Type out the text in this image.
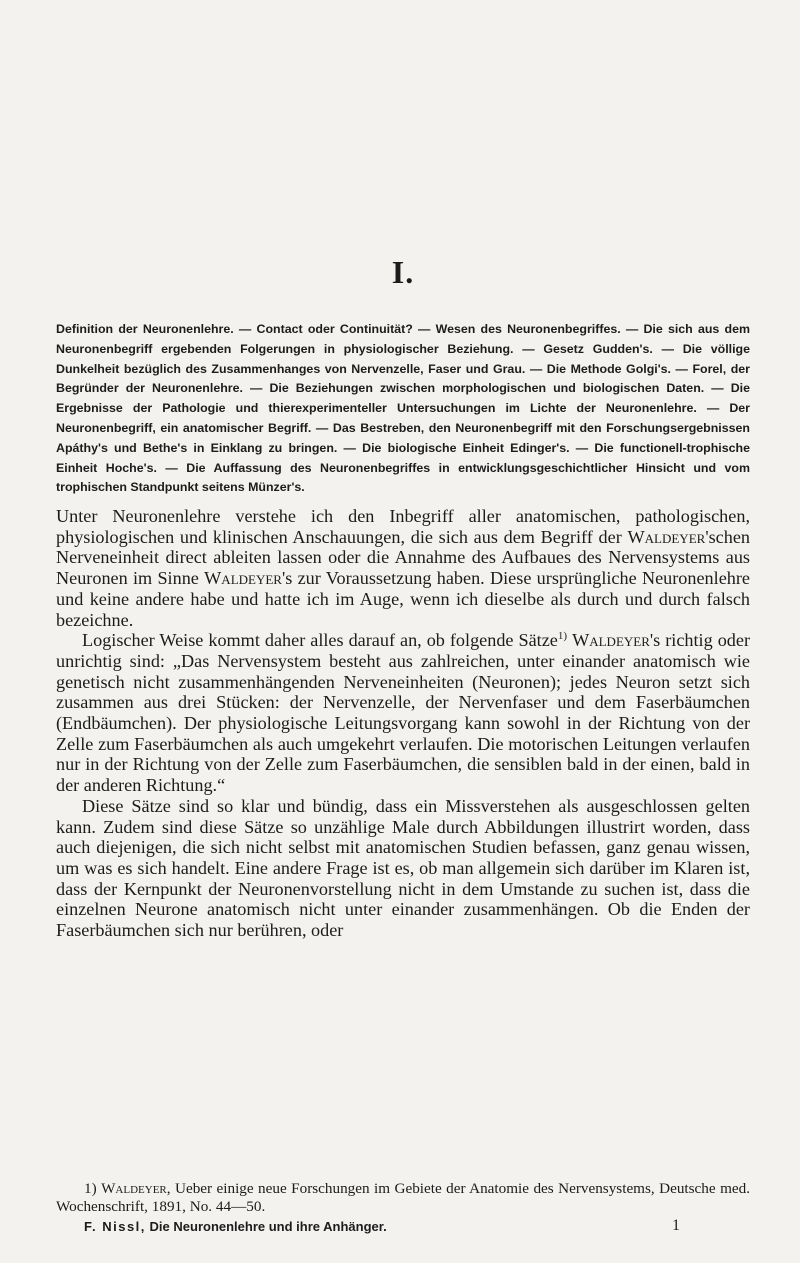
I.
Definition der Neuronenlehre. — Contact oder Continuität? — Wesen des Neuronenbegriffes. — Die sich aus dem Neuronenbegriff ergebenden Folgerungen in physiologischer Beziehung. — Gesetz Gudden's. — Die völlige Dunkelheit bezüglich des Zusammenhanges von Nervenzelle, Faser und Grau. — Die Methode Golgi's. — Forel, der Begründer der Neuronenlehre. — Die Beziehungen zwischen morphologischen und biologischen Daten. — Die Ergebnisse der Pathologie und thierexperimenteller Untersuchungen im Lichte der Neuronenlehre. — Der Neuronenbegriff, ein anatomischer Begriff. — Das Bestreben, den Neuronenbegriff mit den Forschungsergebnissen Apáthy's und Bethe's in Einklang zu bringen. — Die biologische Einheit Edinger's. — Die functionell-trophische Einheit Hoche's. — Die Auffassung des Neuronenbegriffes in entwicklungsgeschichtlicher Hinsicht und vom trophischen Standpunkt seitens Münzer's.

Unter Neuronenlehre verstehe ich den Inbegriff aller anatomischen, pathologischen, physiologischen und klinischen Anschauungen, die sich aus dem Begriff der Waldeyer'schen Nerveneinheit direct ableiten lassen oder die Annahme des Aufbaues des Nervensystems aus Neuronen im Sinne Waldeyer's zur Voraussetzung haben. Diese ursprüngliche Neuronenlehre und keine andere habe und hatte ich im Auge, wenn ich dieselbe als durch und durch falsch bezeichne.

Logischer Weise kommt daher alles darauf an, ob folgende Sätze$^{1)}$ Waldeyer's richtig oder unrichtig sind: „Das Nervensystem besteht aus zahlreichen, unter einander anatomisch wie genetisch nicht zusammenhängenden Nerveneinheiten (Neuronen); jedes Neuron setzt sich zusammen aus drei Stücken: der Nervenzelle, der Nervenfaser und dem Faserbäumchen (Endbäumchen). Der physiologische Leitungsvorgang kann sowohl in der Richtung von der Zelle zum Faserbäumchen als auch umgekehrt verlaufen. Die motorischen Leitungen verlaufen nur in der Richtung von der Zelle zum Faserbäumchen, die sensiblen bald in der einen, bald in der anderen Richtung.“

Diese Sätze sind so klar und bündig, dass ein Missverstehen als ausgeschlossen gelten kann. Zudem sind diese Sätze so unzählige Male durch Abbildungen illustrirt worden, dass auch diejenigen, die sich nicht selbst mit anatomischen Studien befassen, ganz genau wissen, um was es sich handelt. Eine andere Frage ist es, ob man allgemein sich darüber im Klaren ist, dass der Kernpunkt der Neuronenvorstellung nicht in dem Umstande zu suchen ist, dass die einzelnen Neurone anatomisch nicht unter einander zusammenhängen. Ob die Enden der Faserbäumchen sich nur berühren, oder

1) Waldeyer, Ueber einige neue Forschungen im Gebiete der Anatomie des Nervensystems, Deutsche med. Wochenschrift, 1891, No. 44—50.

F. Nissl, Die Neuronenlehre und ihre Anhänger.	1
